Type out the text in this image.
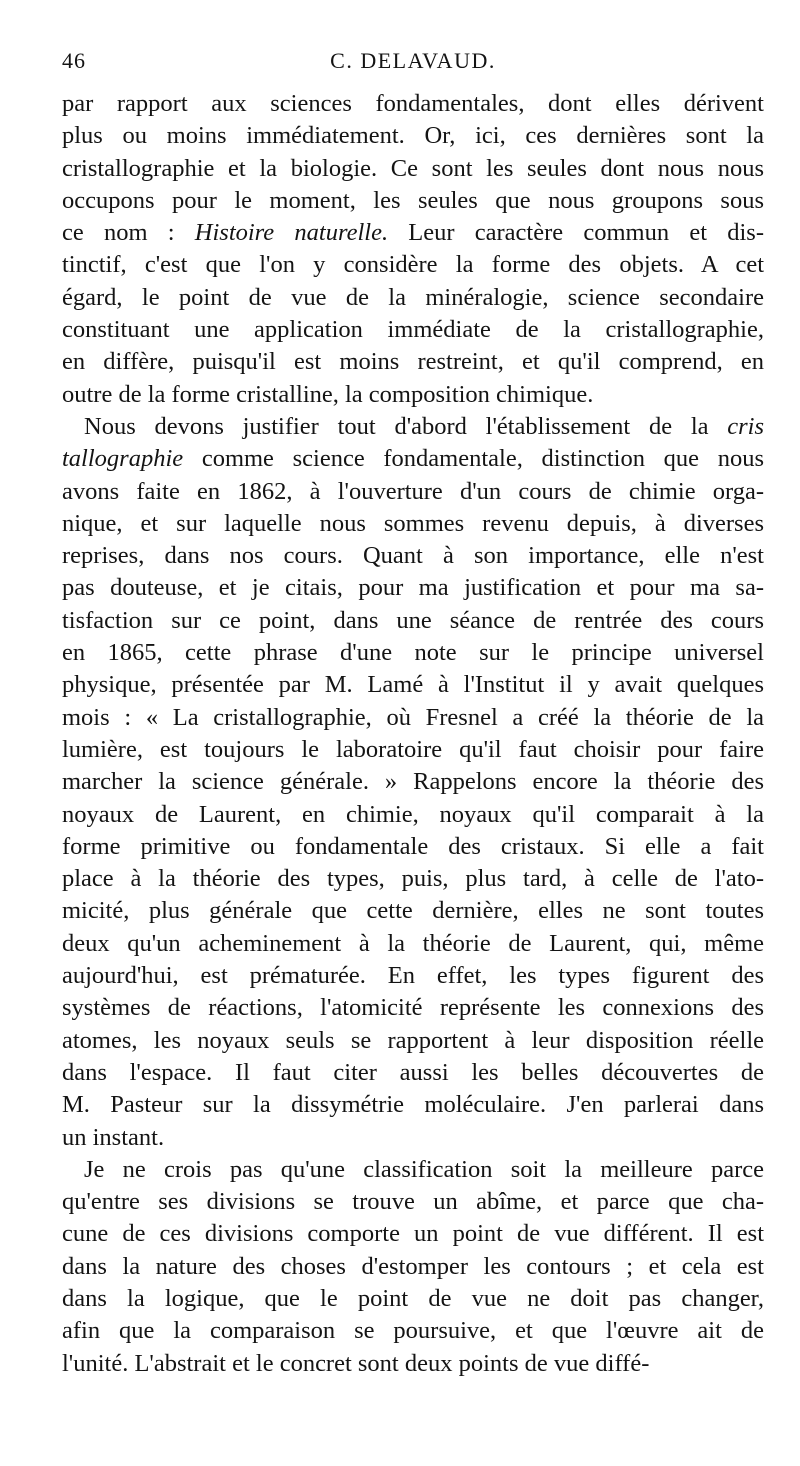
46	C. DELAVAUD.
par rapport aux sciences fondamentales, dont elles dérivent
plus ou moins immédiatement. Or, ici, ces dernières sont la
cristallographie et la biologie. Ce sont les seules dont nous nous
occupons pour le moment, les seules que nous groupons sous
ce nom : Histoire naturelle. Leur caractère commun et dis-
tinctif, c'est que l'on y considère la forme des objets. A cet
égard, le point de vue de la minéralogie, science secondaire
constituant une application immédiate de la cristallographie,
en diffère, puisqu'il est moins restreint, et qu'il comprend, en
outre de la forme cristalline, la composition chimique.
Nous devons justifier tout d'abord l'établissement de la cris
tallographie comme science fondamentale, distinction que nous
avons faite en 1862, à l'ouverture d'un cours de chimie orga-
nique, et sur laquelle nous sommes revenu depuis, à diverses
reprises, dans nos cours. Quant à son importance, elle n'est
pas douteuse, et je citais, pour ma justification et pour ma sa-
tisfaction sur ce point, dans une séance de rentrée des cours
en 1865, cette phrase d'une note sur le principe universel
physique, présentée par M. Lamé à l'Institut il y avait quelques
mois : « La cristallographie, où Fresnel a créé la théorie de la
lumière, est toujours le laboratoire qu'il faut choisir pour faire
marcher la science générale. » Rappelons encore la théorie des
noyaux de Laurent, en chimie, noyaux qu'il comparait à la
forme primitive ou fondamentale des cristaux. Si elle a fait
place à la théorie des types, puis, plus tard, à celle de l'ato-
micité, plus générale que cette dernière, elles ne sont toutes
deux qu'un acheminement à la théorie de Laurent, qui, même
aujourd'hui, est prématurée. En effet, les types figurent des
systèmes de réactions, l'atomicité représente les connexions des
atomes, les noyaux seuls se rapportent à leur disposition réelle
dans l'espace. Il faut citer aussi les belles découvertes de
M. Pasteur sur la dissymétrie moléculaire. J'en parlerai dans
un instant.
Je ne crois pas qu'une classification soit la meilleure parce
qu'entre ses divisions se trouve un abîme, et parce que cha-
cune de ces divisions comporte un point de vue différent. Il est
dans la nature des choses d'estomper les contours ; et cela est
dans la logique, que le point de vue ne doit pas changer,
afin que la comparaison se poursuive, et que l'œuvre ait de
l'unité. L'abstrait et le concret sont deux points de vue diffé-
